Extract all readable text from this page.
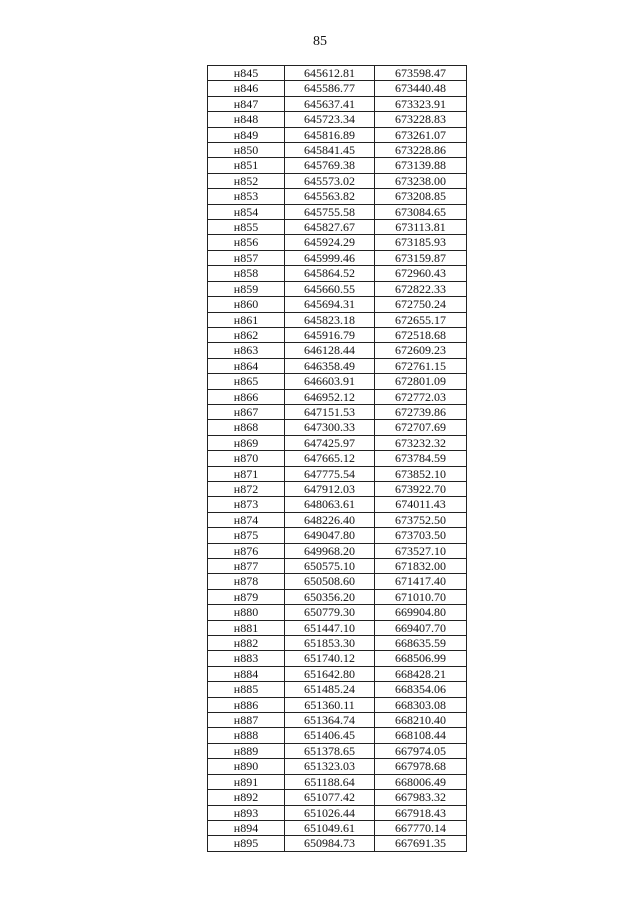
85
н845	645612.81	673598.47
н846	645586.77	673440.48
н847	645637.41	673323.91
н848	645723.34	673228.83
н849	645816.89	673261.07
н850	645841.45	673228.86
н851	645769.38	673139.88
н852	645573.02	673238.00
н853	645563.82	673208.85
н854	645755.58	673084.65
н855	645827.67	673113.81
н856	645924.29	673185.93
н857	645999.46	673159.87
н858	645864.52	672960.43
н859	645660.55	672822.33
н860	645694.31	672750.24
н861	645823.18	672655.17
н862	645916.79	672518.68
н863	646128.44	672609.23
н864	646358.49	672761.15
н865	646603.91	672801.09
н866	646952.12	672772.03
н867	647151.53	672739.86
н868	647300.33	672707.69
н869	647425.97	673232.32
н870	647665.12	673784.59
н871	647775.54	673852.10
н872	647912.03	673922.70
н873	648063.61	674011.43
н874	648226.40	673752.50
н875	649047.80	673703.50
н876	649968.20	673527.10
н877	650575.10	671832.00
н878	650508.60	671417.40
н879	650356.20	671010.70
н880	650779.30	669904.80
н881	651447.10	669407.70
н882	651853.30	668635.59
н883	651740.12	668506.99
н884	651642.80	668428.21
н885	651485.24	668354.06
н886	651360.11	668303.08
н887	651364.74	668210.40
н888	651406.45	668108.44
н889	651378.65	667974.05
н890	651323.03	667978.68
н891	651188.64	668006.49
н892	651077.42	667983.32
н893	651026.44	667918.43
н894	651049.61	667770.14
н895	650984.73	667691.35
